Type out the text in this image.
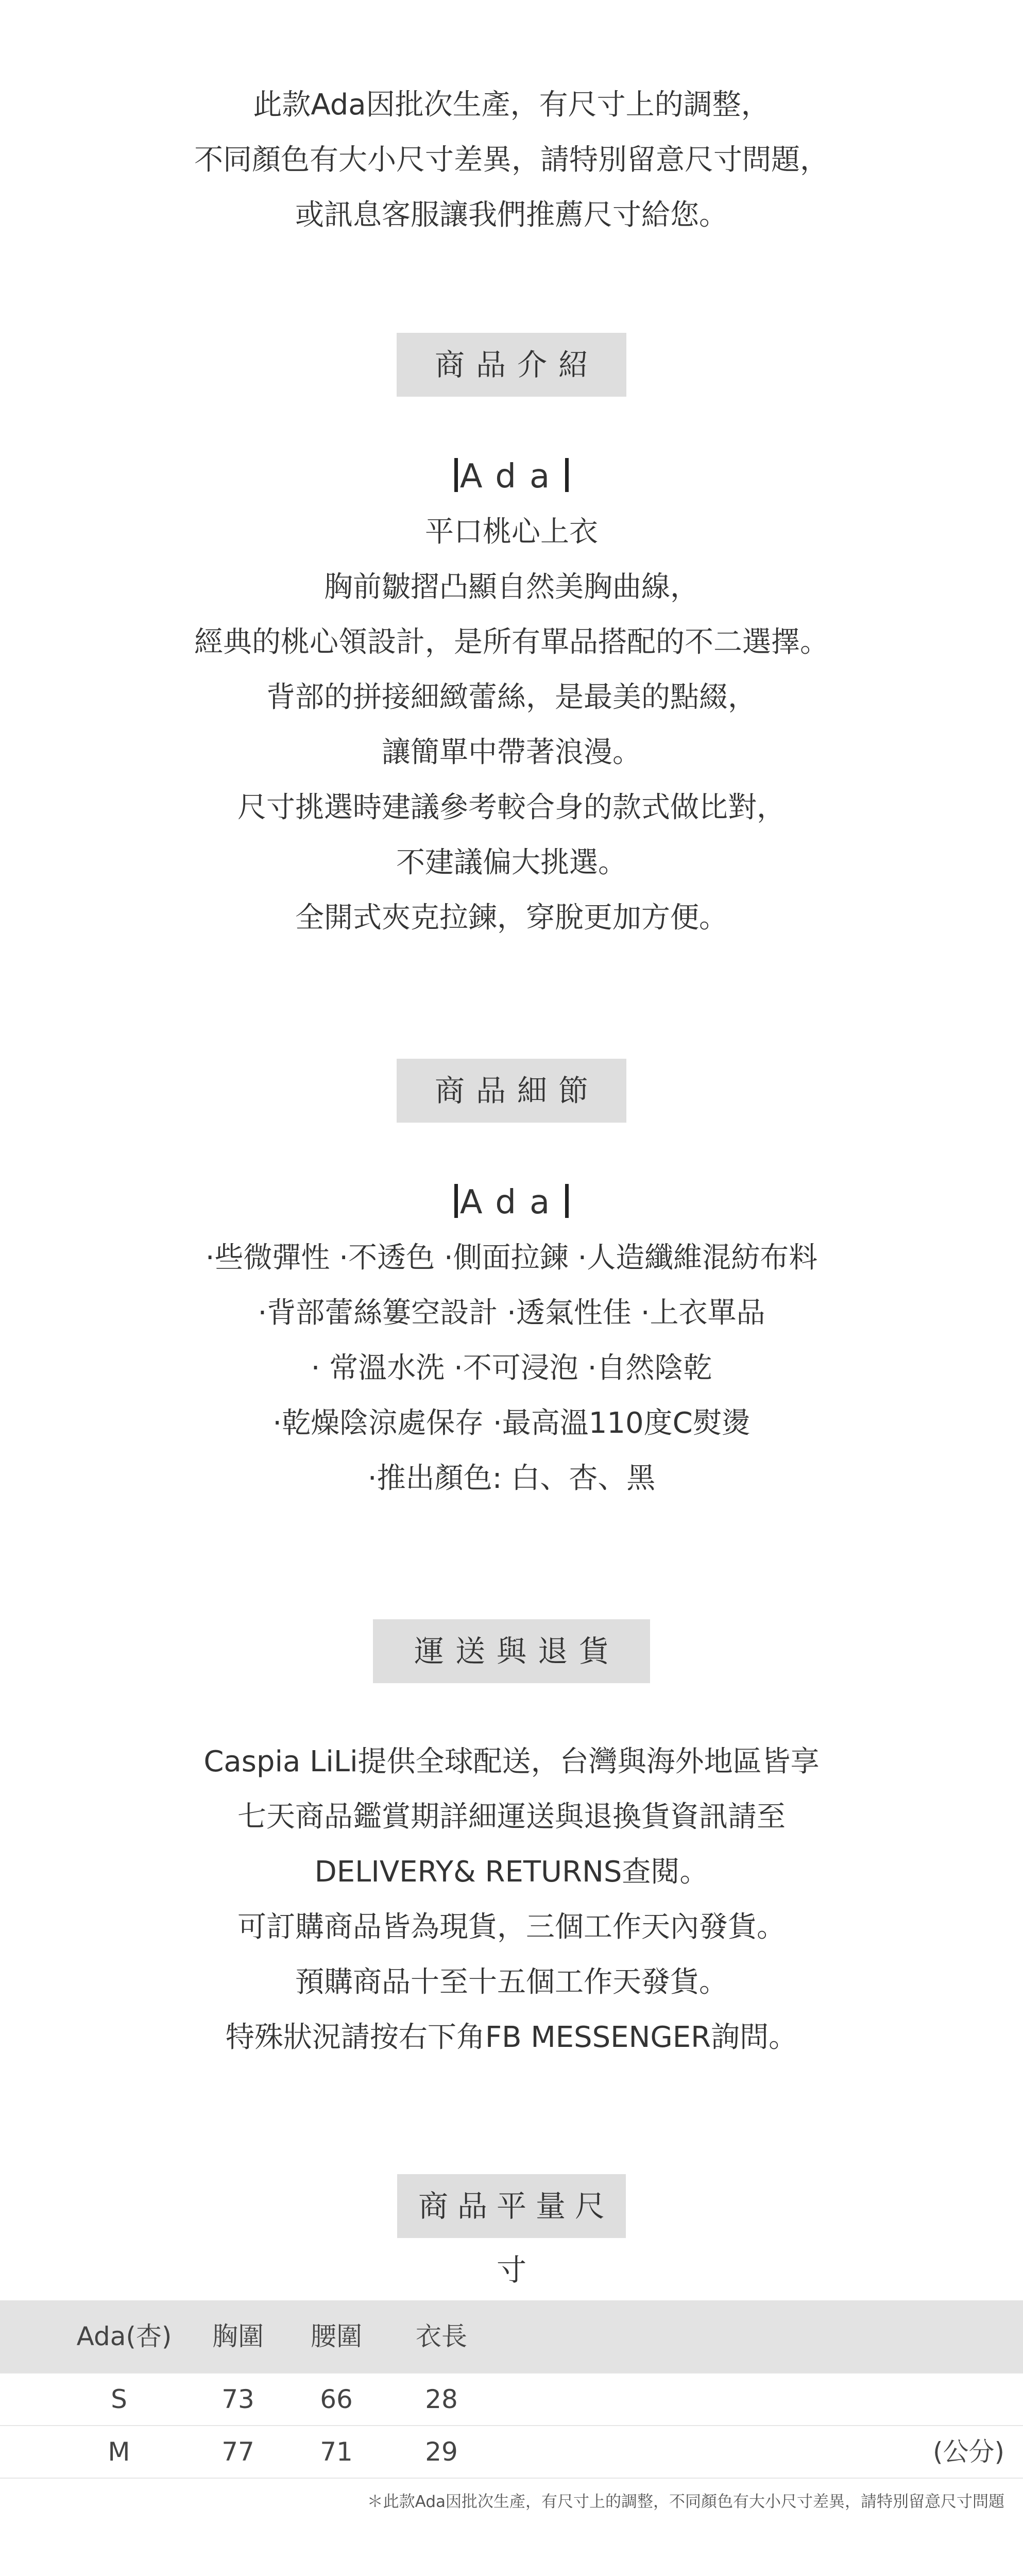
此款Ada因批次生產，有尺寸上的調整，
不同顏色有大小尺寸差異，請特別留意尺寸問題，
或訊息客服讓我們推薦尺寸給您。
商品介紹
Ada
平口桃心上衣
胸前皺摺凸顯自然美胸曲線，
經典的桃心領設計，是所有單品搭配的不二選擇。
背部的拼接細緻蕾絲，是最美的點綴，
讓簡單中帶著浪漫。
尺寸挑選時建議參考較合身的款式做比對，
不建議偏大挑選。
全開式夾克拉鍊，穿脫更加方便。
商品細節
Ada
·些微彈性 ·不透色 ·側面拉鍊 ·人造纖維混紡布料
·背部蕾絲簍空設計 ·透氣性佳 ·上衣單品
· 常溫水洗 ·不可浸泡 ·自然陰乾
·乾燥陰涼處保存 ·最高溫110度C熨燙
·推出顏色: 白、杏、黑
運送與退貨
Caspia LiLi提供全球配送，台灣與海外地區皆享
七天商品鑑賞期詳細運送與退換貨資訊請至
DELIVERY& RETURNS查閱。
可訂購商品皆為現貨，三個工作天內發貨。
預購商品十至十五個工作天發貨。
特殊狀況請按右下角FB MESSENGER詢問。
商品平量尺寸
Ada(杏) 胸圍 腰圍 衣長
S	73	66	28
M	77	71	29	(公分)
＊此款Ada因批次生產，有尺寸上的調整，不同顏色有大小尺寸差異，請特別留意尺寸問題
